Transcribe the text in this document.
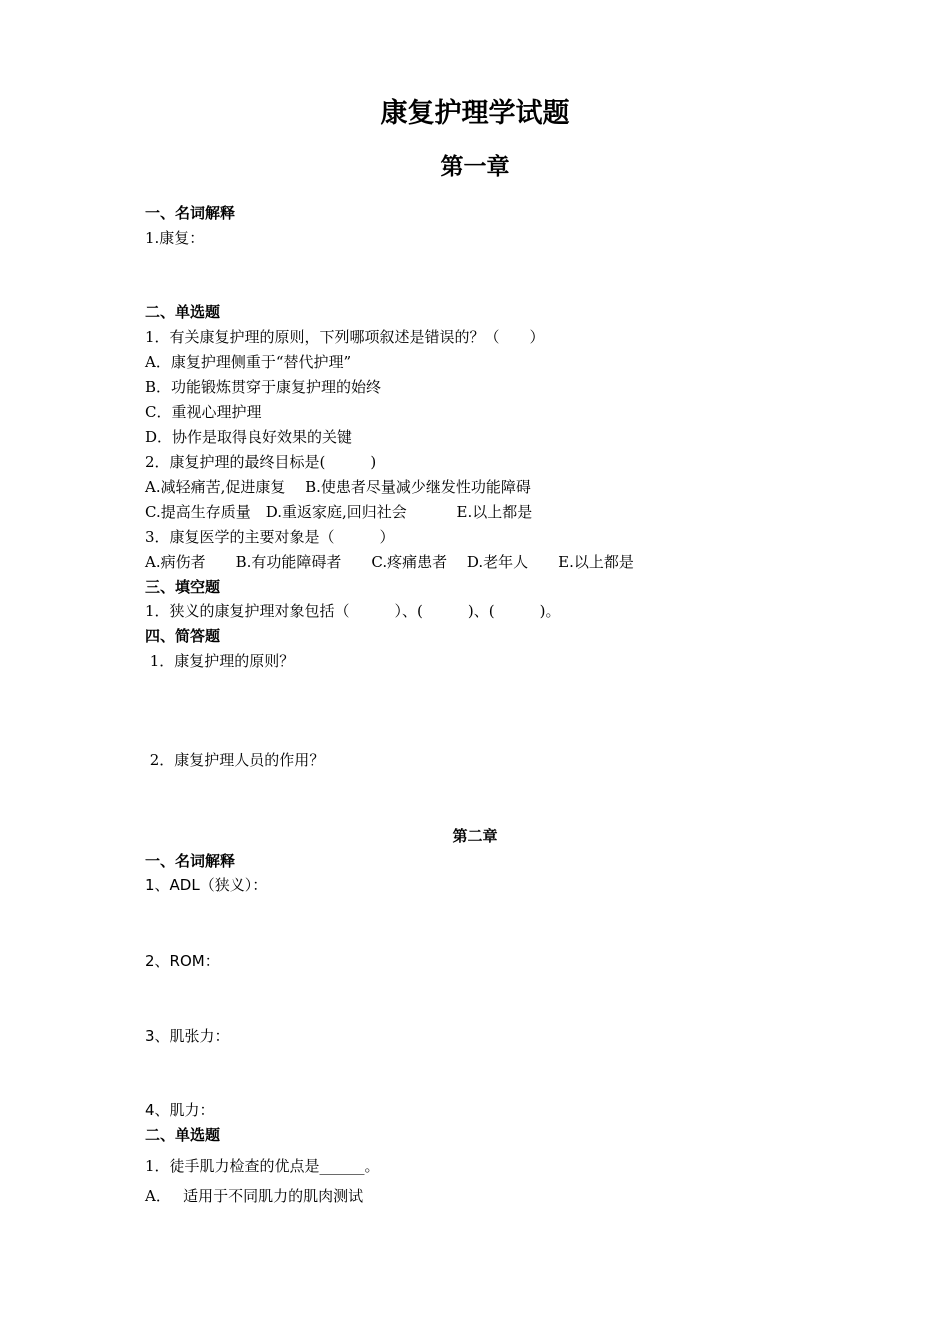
康复护理学试题
第一章
一、名词解释
1.康复：
二、单选题
1．有关康复护理的原则，下列哪项叙述是错误的？（　　）
A．康复护理侧重于“替代护理”
B．功能锻炼贯穿于康复护理的始终
C．重视心理护理
D．协作是取得良好效果的关键
2．康复护理的最终目标是(　　　)
A.减轻痛苦,促进康复　 B.使患者尽量减少继发性功能障碍
C.提高生存质量　D.重返家庭,回归社会　　　 E.以上都是
3．康复医学的主要对象是（　　　）
A.病伤者　　B.有功能障碍者　　C.疼痛患者　 D.老年人　　E.以上都是
三、填空题
1．狭义的康复护理对象包括（　　　）、(　　　)、(　　　)。
四、简答题
1．康复护理的原则？
2．康复护理人员的作用？
第二章
一、名词解释
1、ADL（狭义）：
2、ROM：
3、肌张力：
4、肌力：
二、单选题
1．徒手肌力检查的优点是______。
A．　 适用于不同肌力的肌肉测试
